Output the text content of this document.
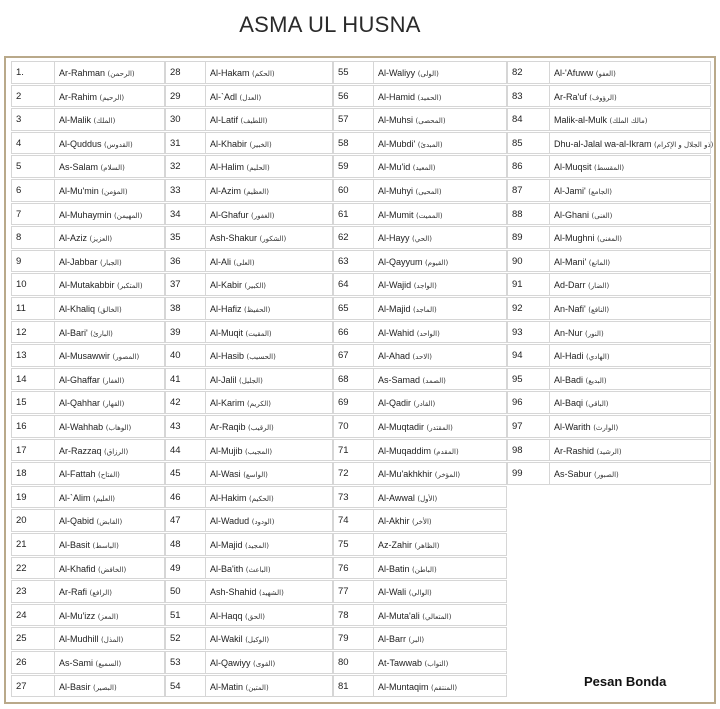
ASMA UL HUSNA
1.	Ar-Rahman (الرحمن)
2	Ar-Rahim (الرحيم)
3	Al-Malik (الملك)
4	Al-Quddus (القدوس)
5	As-Salam (السلام)
6	Al-Mu'min (المؤمن)
7	Al-Muhaymin (المهيمن)
8	Al-Aziz (العزيز)
9	Al-Jabbar (الجبار)
10	Al-Mutakabbir (المتكبر)
11	Al-Khaliq (الخالق)
12	Al-Bari' (البارئ)
13	Al-Musawwir (المصور)
14	Al-Ghaffar (الغفار)
15	Al-Qahhar (القهار)
16	Al-Wahhab (الوهاب)
17	Ar-Razzaq (الرزاق)
18	Al-Fattah (الفتاح)
19	Al-`Alim (العليم)
20	Al-Qabid (القابض)
21	Al-Basit (الباسط)
22	Al-Khafid (الخافض)
23	Ar-Rafi (الرافع)
24	Al-Mu'izz (المعز)
25	Al-Mudhill (المذل)
26	As-Sami (السميع)
27	Al-Basir (البصير)
28	Al-Hakam (الحكم)
29	Al-`Adl (العدل)
30	Al-Latif (اللطيف)
31	Al-Khabir (الخبير)
32	Al-Halim (الحليم)
33	Al-Azim (العظيم)
34	Al-Ghafur (الغفور)
35	Ash-Shakur (الشكور)
36	Al-Ali (العلى)
37	Al-Kabir (الكبير)
38	Al-Hafiz (الحفيظ)
39	Al-Muqit (المقيت)
40	Al-Hasib (الحسيب)
41	Al-Jalil (الجليل)
42	Al-Karim (الكريم)
43	Ar-Raqib (الرقيب)
44	Al-Mujib (المجيب)
45	Al-Wasi (الواسع)
46	Al-Hakim (الحكيم)
47	Al-Wadud (الودود)
48	Al-Majid (المجيد)
49	Al-Ba'ith (الباعث)
50	Ash-Shahid (الشهيد)
51	Al-Haqq (الحق)
52	Al-Wakil (الوكيل)
53	Al-Qawiyy (القوى)
54	Al-Matin (المتين)
55	Al-Waliyy (الولى)
56	Al-Hamid (الحميد)
57	Al-Muhsi (المحصى)
58	Al-Mubdi' (المبدئ)
59	Al-Mu'id (المعيد)
60	Al-Muhyi (المحيى)
61	Al-Mumit (المميت)
62	Al-Hayy (الحي)
63	Al-Qayyum (القيوم)
64	Al-Wajid (الواجد)
65	Al-Majid (الماجد)
66	Al-Wahid (الواحد)
67	Al-Ahad (الاحد)
68	As-Samad (الصمد)
69	Al-Qadir (القادر)
70	Al-Muqtadir (المقتدر)
71	Al-Muqaddim (المقدم)
72	Al-Mu'akhkhir (المؤخر)
73	Al-Awwal (الأول)
74	Al-Akhir (الأخر)
75	Az-Zahir (الظاهر)
76	Al-Batin (الباطن)
77	Al-Wali (الوالي)
78	Al-Muta'ali (المتعالي)
79	Al-Barr (البر)
80	At-Tawwab (التواب)
81	Al-Muntaqim (المنتقم)
82	Al-'Afuww (العفو)
83	Ar-Ra'uf (الرؤوف)
84	Malik-al-Mulk (مالك الملك)
85	Dhu-al-Jalal wa-al-Ikram (ذو الجلال و الإكرام)
86	Al-Muqsit (المقسط)
87	Al-Jami' (الجامع)
88	Al-Ghani (الغنى)
89	Al-Mughni (المغنى)
90	Al-Mani' (المانع)
91	Ad-Darr (الضار)
92	An-Nafi' (النافع)
93	An-Nur (النور)
94	Al-Hadi (الهادي)
95	Al-Badi (البديع)
96	Al-Baqi (الباقي)
97	Al-Warith (الوارث)
98	Ar-Rashid (الرشيد)
99	As-Sabur (الصبور)
Pesan Bonda
